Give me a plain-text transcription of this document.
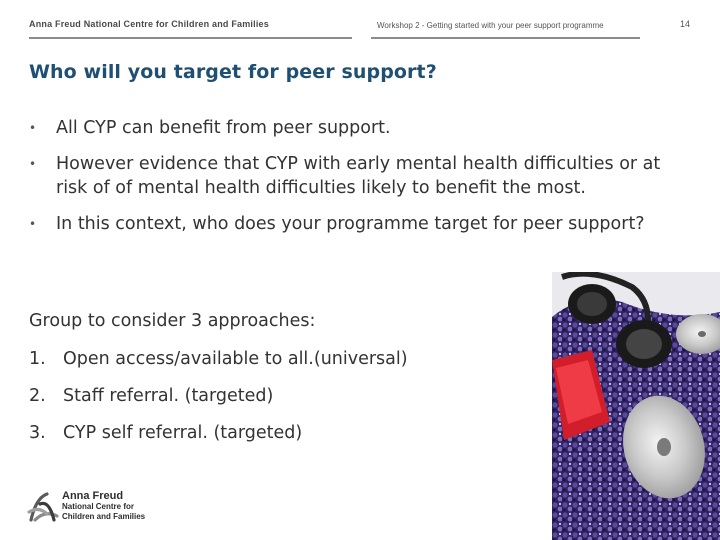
Anna Freud National Centre for Children and Families	Workshop 2 - Getting started with your peer support programme	14
Who will you target for peer support?
• All CYP can benefit from peer support.
• However evidence that CYP with early mental health difficulties or at risk of of mental health difficulties likely to benefit the most.
• In this context, who does your programme target for peer support?
Group to consider 3 approaches:
1. Open access/available to all.(universal)
2. Staff referral. (targeted)
3. CYP self referral. (targeted)
Anna Freud
National Centre for
Children and Families
